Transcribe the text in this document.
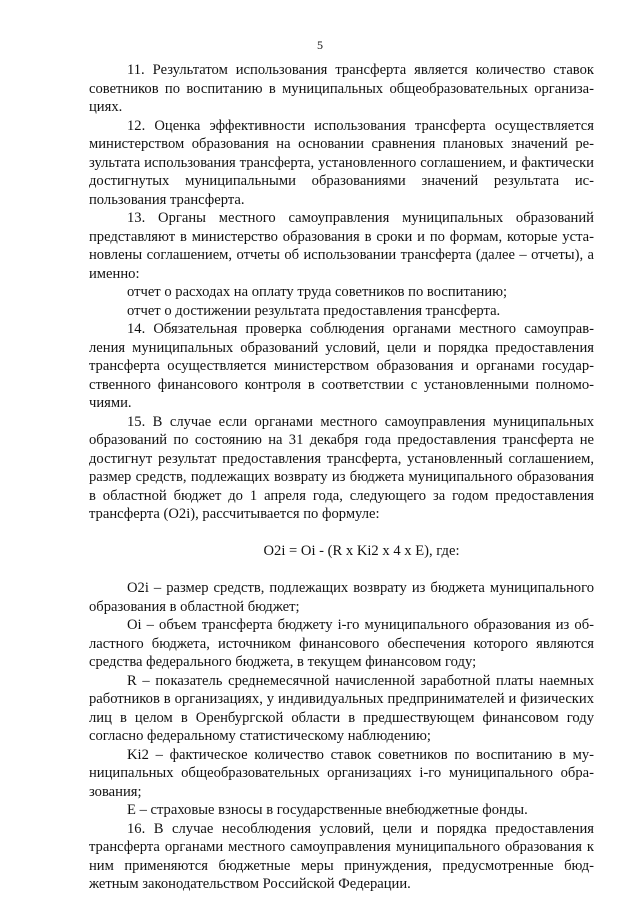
5

11. Результатом использования трансферта является количество ставок советников по воспитанию в муниципальных общеобразовательных организациях.

12. Оценка эффективности использования трансферта осуществляется министерством образования на основании сравнения плановых значений результата использования трансферта, установленного соглашением, и фактически достигнутых муниципальными образованиями значений результата использования трансферта.

13. Органы местного самоуправления муниципальных образований представляют в министерство образования в сроки и по формам, которые установлены соглашением, отчеты об использовании трансферта (далее – отчеты), а именно:

отчет о расходах на оплату труда советников по воспитанию;

отчет о достижении результата предоставления трансферта.

14. Обязательная проверка соблюдения органами местного самоуправления муниципальных образований условий, цели и порядка предоставления трансферта осуществляется министерством образования и органами государственного финансового контроля в соответствии с установленными полномочиями.

15. В случае если органами местного самоуправления муниципальных образований по состоянию на 31 декабря года предоставления трансферта не достигнут результат предоставления трансферта, установленный соглашением, размер средств, подлежащих возврату из бюджета муниципального образования в областной бюджет до 1 апреля года, следующего за годом предоставления трансферта (O2i), рассчитывается по формуле:

O2i = Oi - (R x Ki2 x 4 x E), где:

O2i – размер средств, подлежащих возврату из бюджета муниципального образования в областной бюджет;

Oi – объем трансферта бюджету i-го муниципального образования из областного бюджета, источником финансового обеспечения которого являются средства федерального бюджета, в текущем финансовом году;

R – показатель среднемесячной начисленной заработной платы наемных работников в организациях, у индивидуальных предпринимателей и физических лиц в целом в Оренбургской области в предшествующем финансовом году согласно федеральному статистическому наблюдению;

Ki2 – фактическое количество ставок советников по воспитанию в муниципальных общеобразовательных организациях i-го муниципального образования;

E – страховые взносы в государственные внебюджетные фонды.

16. В случае несоблюдения условий, цели и порядка предоставления трансферта органами местного самоуправления муниципального образования к ним применяются бюджетные меры принуждения, предусмотренные бюджетным законодательством Российской Федерации.
